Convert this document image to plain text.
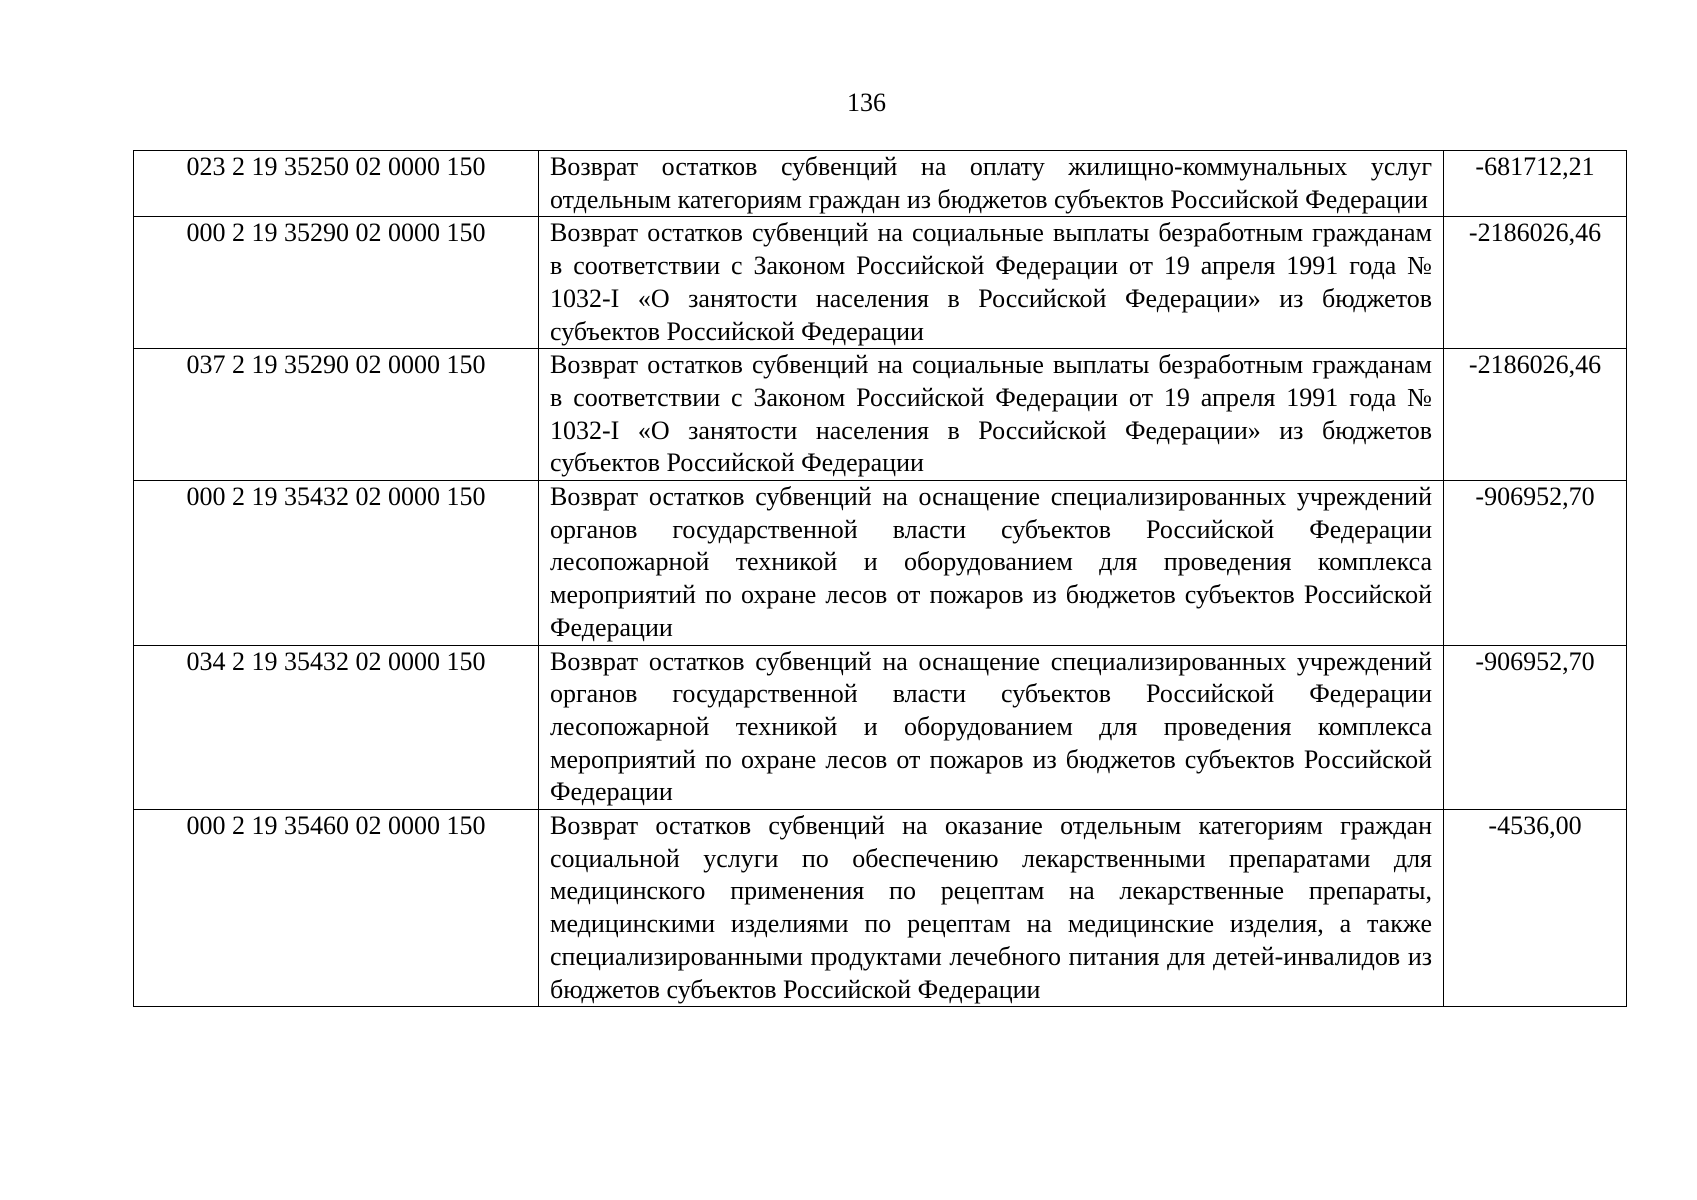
136
023 2 19 35250 02 0000 150	Возврат остатков субвенций на оплату жилищно-коммунальных услуг отдельным категориям граждан из бюджетов субъектов Российской Федерации	-681712,21
000 2 19 35290 02 0000 150	Возврат остатков субвенций на социальные выплаты безработным гражданам в соответствии с Законом Российской Федерации от 19 апреля 1991 года № 1032-I «О занятости населения в Российской Федерации» из бюджетов субъектов Российской Федерации	-2186026,46
037 2 19 35290 02 0000 150	Возврат остатков субвенций на социальные выплаты безработным гражданам в соответствии с Законом Российской Федерации от 19 апреля 1991 года № 1032-I «О занятости населения в Российской Федерации» из бюджетов субъектов Российской Федерации	-2186026,46
000 2 19 35432 02 0000 150	Возврат остатков субвенций на оснащение специализированных учреждений органов государственной власти субъектов Российской Федерации лесопожарной техникой и оборудованием для проведения комплекса мероприятий по охране лесов от пожаров из бюджетов субъектов Российской Федерации	-906952,70
034 2 19 35432 02 0000 150	Возврат остатков субвенций на оснащение специализированных учреждений органов государственной власти субъектов Российской Федерации лесопожарной техникой и оборудованием для проведения комплекса мероприятий по охране лесов от пожаров из бюджетов субъектов Российской Федерации	-906952,70
000 2 19 35460 02 0000 150	Возврат остатков субвенций на оказание отдельным категориям граждан социальной услуги по обеспечению лекарственными препаратами для медицинского применения по рецептам на лекарственные препараты, медицинскими изделиями по рецептам на медицинские изделия, а также специализированными продуктами лечебного питания для детей-инвалидов из бюджетов субъектов Российской Федерации	-4536,00
